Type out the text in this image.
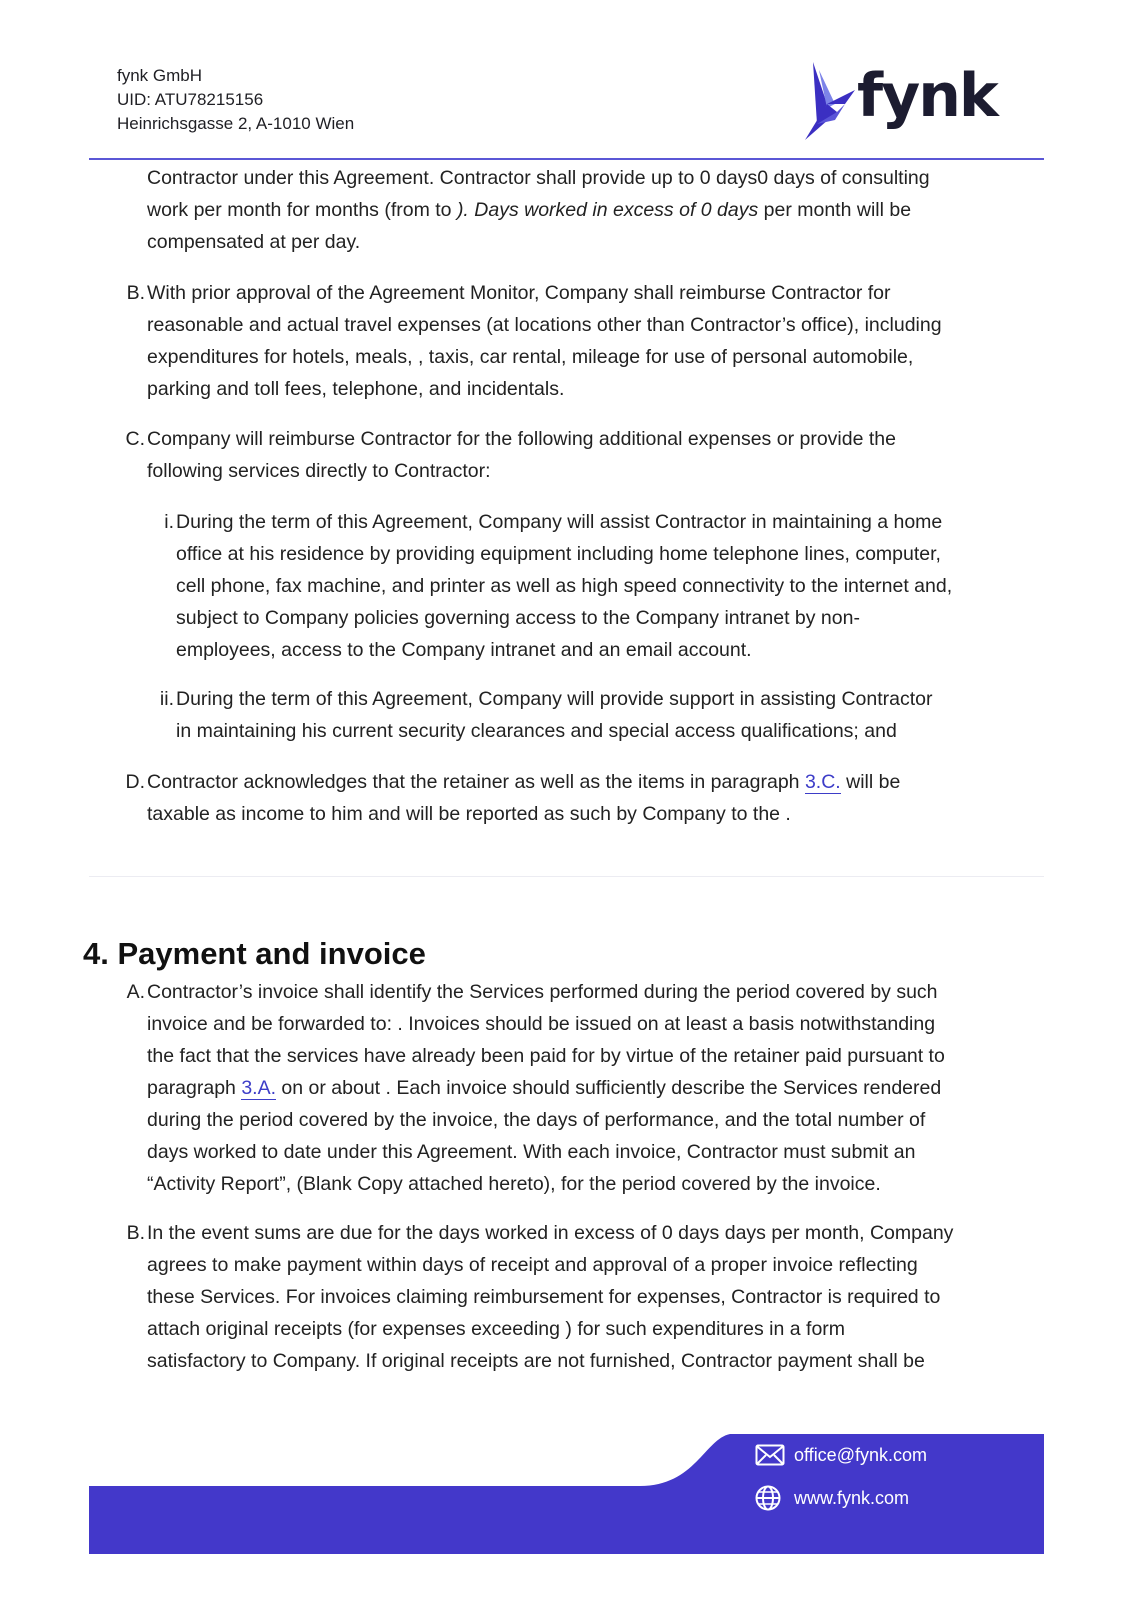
fynk GmbH
UID: ATU78215156
Heinrichsgasse 2, A-1010 Wien	fynk
Contractor under this Agreement. Contractor shall provide up to 0 days0 days of consulting
work per month for months (from to ). Days worked in excess of 0 days per month will be
compensated at per day.
B. With prior approval of the Agreement Monitor, Company shall reimburse Contractor for
reasonable and actual travel expenses (at locations other than Contractor’s office), including
expenditures for hotels, meals, , taxis, car rental, mileage for use of personal automobile,
parking and toll fees, telephone, and incidentals.
C. Company will reimburse Contractor for the following additional expenses or provide the
following services directly to Contractor:
i. During the term of this Agreement, Company will assist Contractor in maintaining a home
office at his residence by providing equipment including home telephone lines, computer,
cell phone, fax machine, and printer as well as high speed connectivity to the internet and,
subject to Company policies governing access to the Company intranet by non-
employees, access to the Company intranet and an email account.
ii. During the term of this Agreement, Company will provide support in assisting Contractor
in maintaining his current security clearances and special access qualifications; and
D. Contractor acknowledges that the retainer as well as the items in paragraph 3.C. will be
taxable as income to him and will be reported as such by Company to the .
4. Payment and invoice
A. Contractor’s invoice shall identify the Services performed during the period covered by such
invoice and be forwarded to: . Invoices should be issued on at least a basis notwithstanding
the fact that the services have already been paid for by virtue of the retainer paid pursuant to
paragraph 3.A. on or about . Each invoice should sufficiently describe the Services rendered
during the period covered by the invoice, the days of performance, and the total number of
days worked to date under this Agreement. With each invoice, Contractor must submit an
“Activity Report”, (Blank Copy attached hereto), for the period covered by the invoice.
B. In the event sums are due for the days worked in excess of 0 days days per month, Company
agrees to make payment within days of receipt and approval of a proper invoice reflecting
these Services. For invoices claiming reimbursement for expenses, Contractor is required to
attach original receipts (for expenses exceeding ) for such expenditures in a form
satisfactory to Company. If original receipts are not furnished, Contractor payment shall be
office@fynk.com
www.fynk.com
